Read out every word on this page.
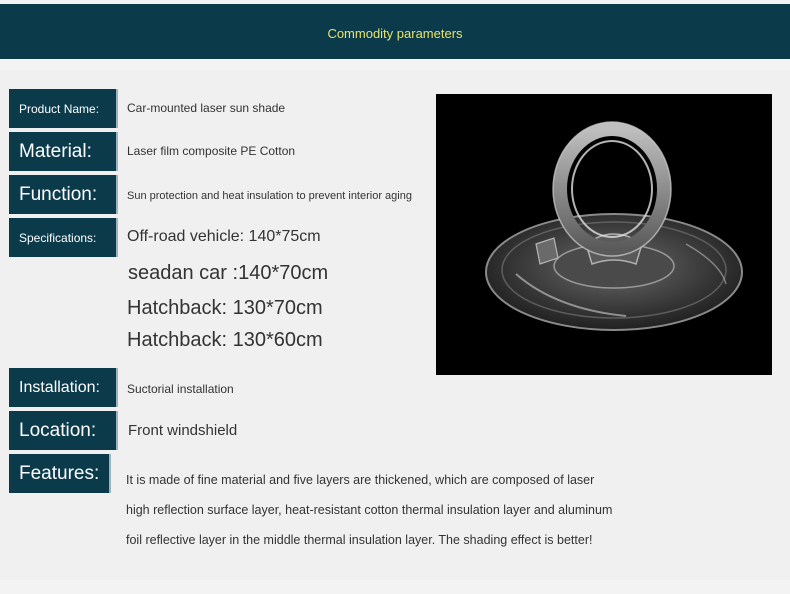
Commodity parameters
Product Name:	Car-mounted laser sun shade
Material:	Laser film composite PE Cotton
Function:	Sun protection and heat insulation to prevent interior aging
Specifications:	Off-road vehicle: 140*75cm
seadan car :140*70cm
Hatchback: 130*70cm
Hatchback: 130*60cm
Installation:	Suctorial installation
Location:	Front windshield
Features:	It is made of fine material and five layers are thickened, which are composed of laser
high reflection surface layer, heat-resistant cotton thermal insulation layer and aluminum
foil reflective layer in the middle thermal insulation layer. The shading effect is better!
